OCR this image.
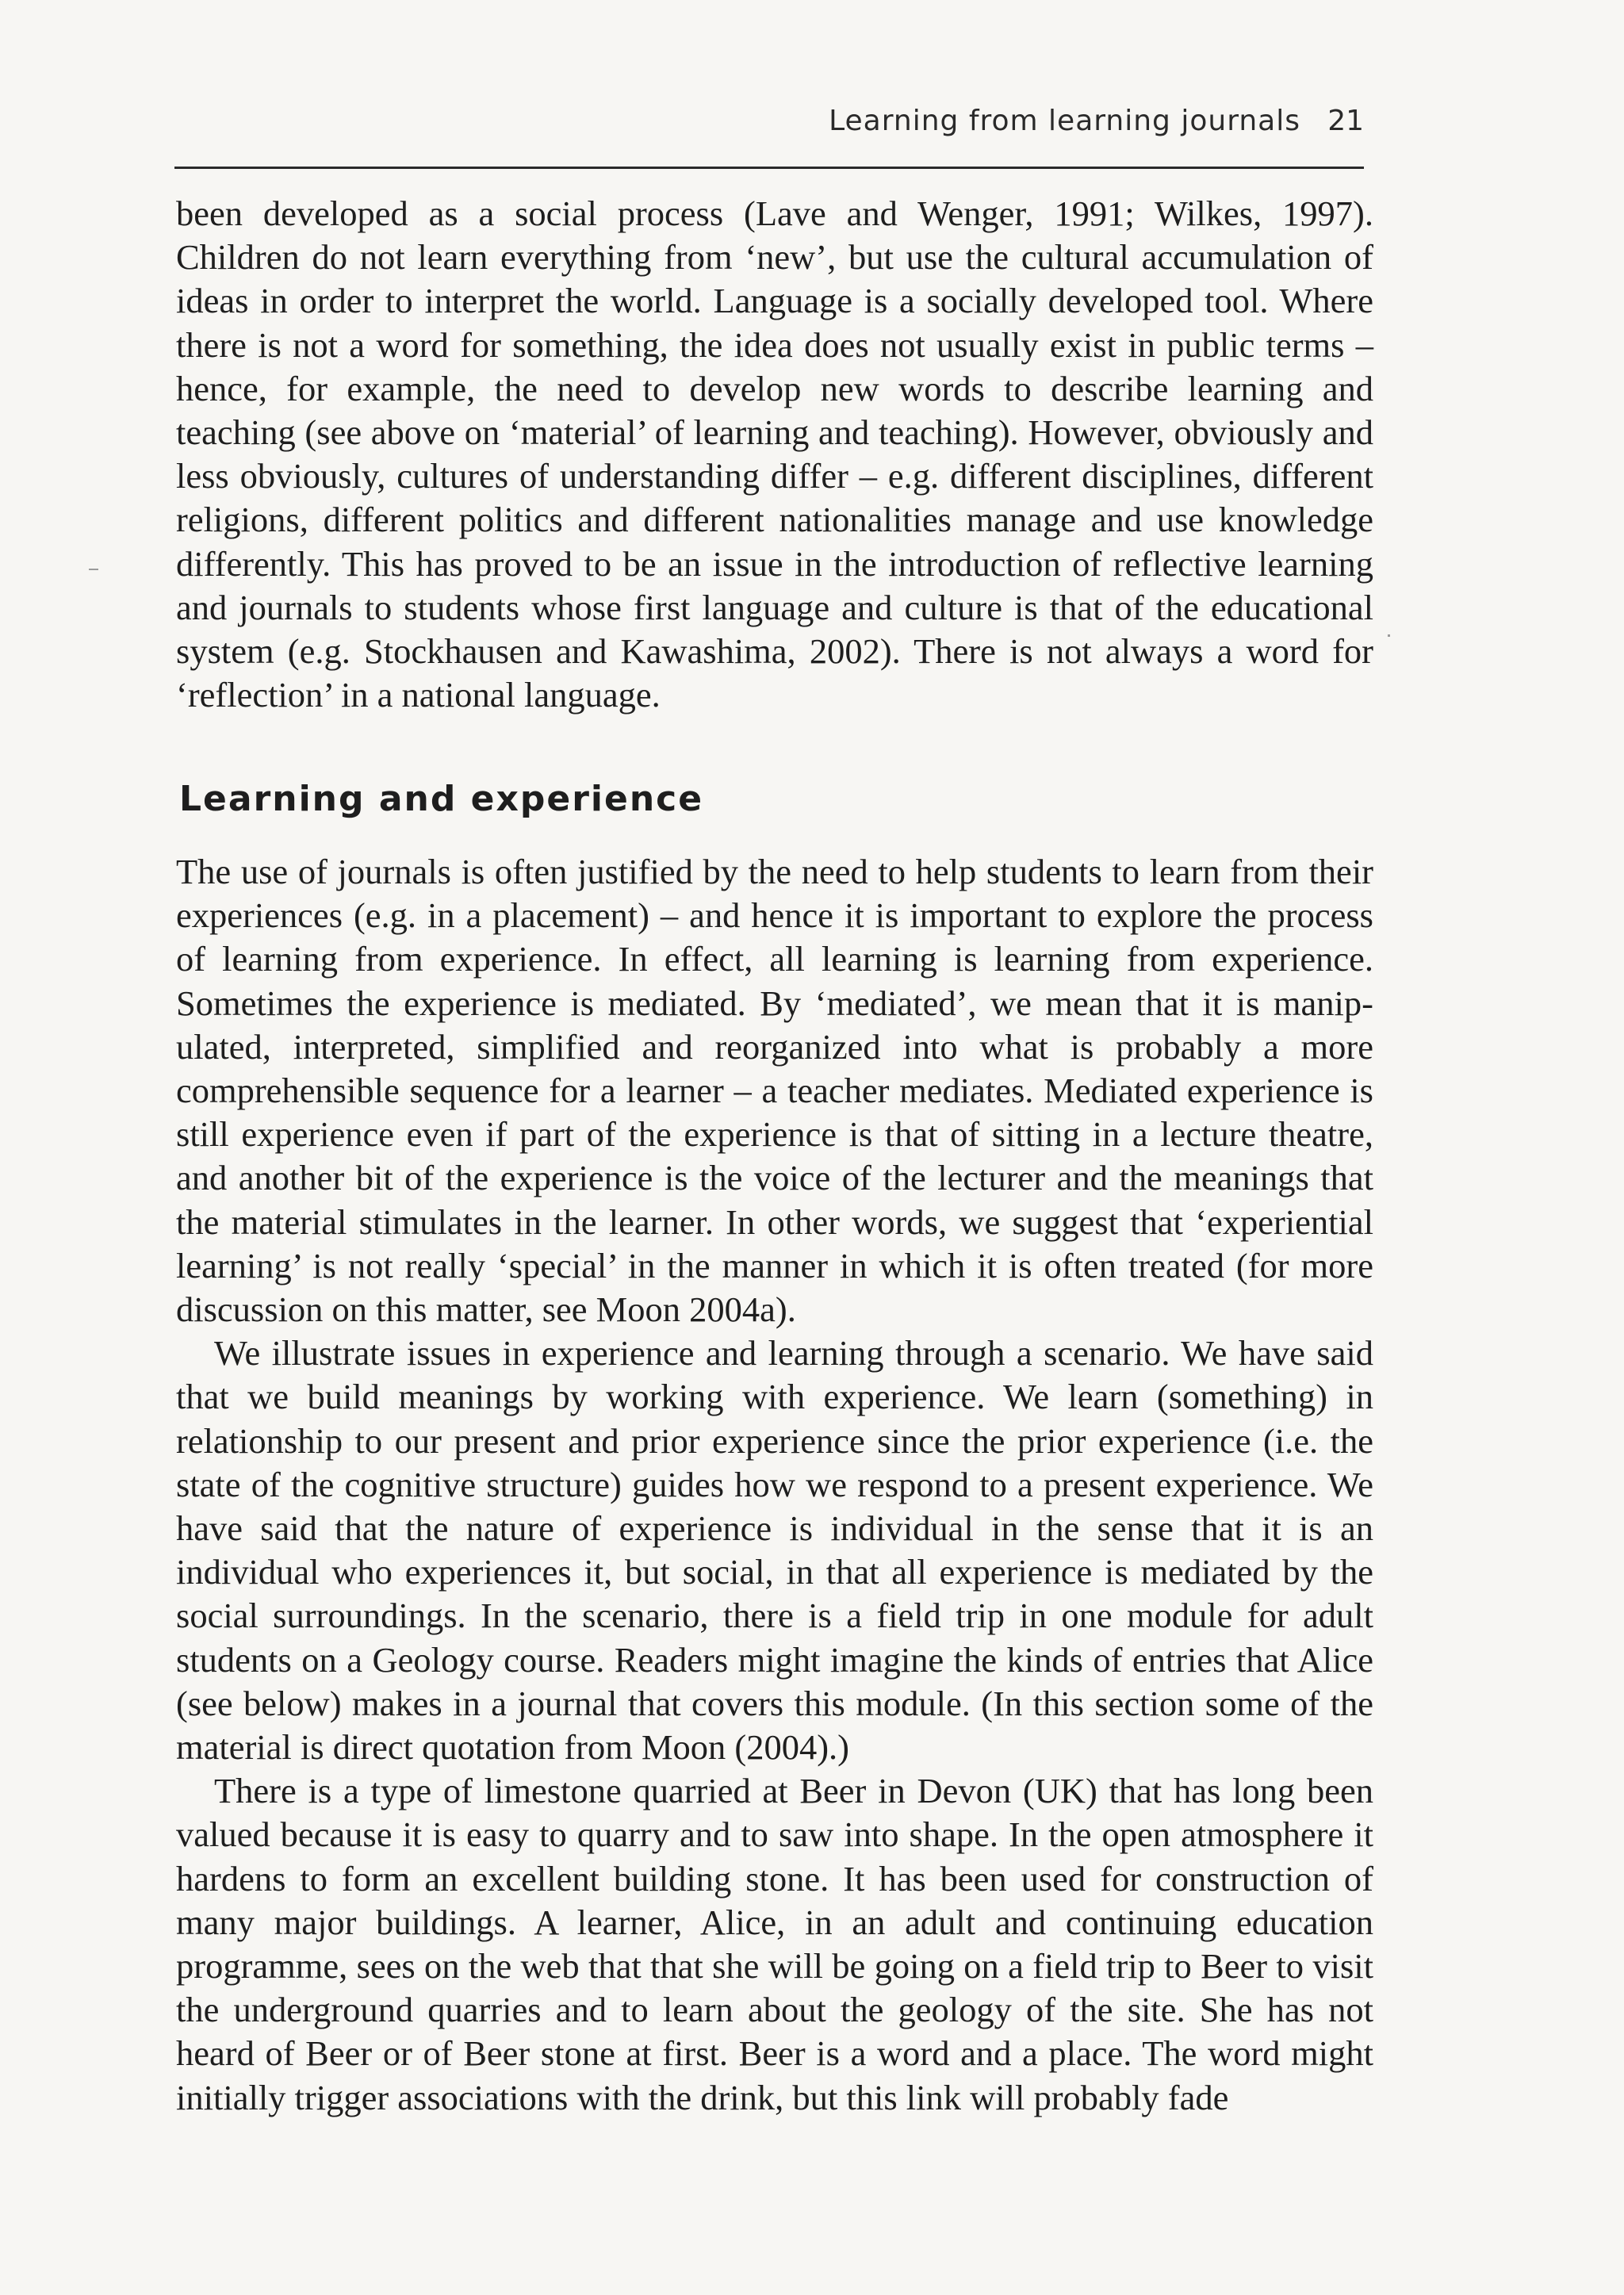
Learning from learning journals 21

been developed as a social process (Lave and Wenger, 1991; Wilkes, 1997). Children do not learn everything from ‘new’, but use the cultural accumulation of ideas in order to interpret the world. Language is a socially developed tool. Where there is not a word for something, the idea does not usually exist in public terms – hence, for example, the need to develop new words to describe learning and teaching (see above on ‘material’ of learning and teaching). However, obviously and less obviously, cultures of understanding differ – e.g. different disciplines, different religions, different politics and different nationalities manage and use knowledge differently. This has proved to be an issue in the introduction of reflective learning and journals to students whose first language and culture is that of the educational system (e.g. Stockhausen and Kawashima, 2002). There is not always a word for ‘reflection’ in a national language.

Learning and experience

The use of journals is often justified by the need to help students to learn from their experiences (e.g. in a placement) – and hence it is important to explore the process of learning from experience. In effect, all learning is learning from experience. Sometimes the experience is mediated. By ‘mediated’, we mean that it is manipulated, interpreted, simplified and reorganized into what is probably a more comprehensible sequence for a learner – a teacher mediates. Mediated experience is still experience even if part of the experience is that of sitting in a lecture theatre, and another bit of the experience is the voice of the lecturer and the meanings that the material stimulates in the learner. In other words, we suggest that ‘experiential learning’ is not really ‘special’ in the manner in which it is often treated (for more discussion on this matter, see Moon 2004a).

We illustrate issues in experience and learning through a scenario. We have said that we build meanings by working with experience. We learn (something) in relationship to our present and prior experience since the prior experience (i.e. the state of the cognitive structure) guides how we respond to a present experience. We have said that the nature of experience is individual in the sense that it is an individual who experiences it, but social, in that all experience is mediated by the social surroundings. In the scenario, there is a field trip in one module for adult students on a Geology course. Readers might imagine the kinds of entries that Alice (see below) makes in a journal that covers this module. (In this section some of the material is direct quotation from Moon (2004).)

There is a type of limestone quarried at Beer in Devon (UK) that has long been valued because it is easy to quarry and to saw into shape. In the open atmosphere it hardens to form an excellent building stone. It has been used for construction of many major buildings. A learner, Alice, in an adult and continuing education programme, sees on the web that that she will be going on a field trip to Beer to visit the underground quarries and to learn about the geology of the site. She has not heard of Beer or of Beer stone at first. Beer is a word and a place. The word might initially trigger associations with the drink, but this link will probably fade
